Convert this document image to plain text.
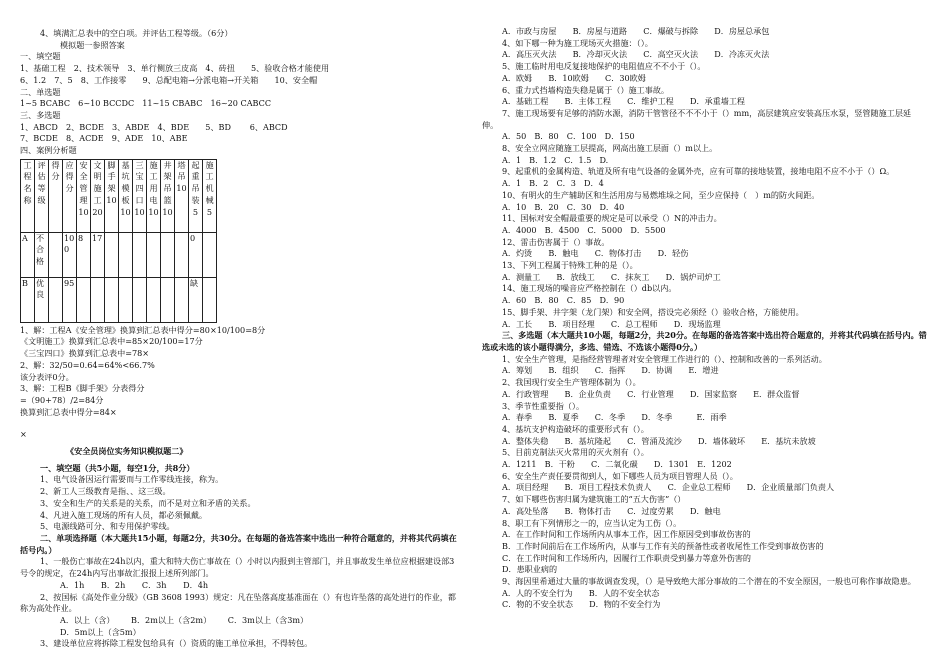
4、填满汇总表中的空白项。并评估工程等级。（6分）
模拟题一参照答案
一、填空题
1、基础工程　2、技术领导　3、单行侧放三皮高　4、砖扭　　5、验收合格才能使用
6、1.2　7、5　8、工作接零　　9、总配电箱→分派电箱→开关箱　　10、安全帽
二、单选题
1~5 BCABC　6~10 BCCDC　11~15 CBABC　16~20 CABCC
三、多选题
1、ABCD　2、BCDE　3、ABDE　4、BDE　　5、BD　　 6、ABCD
7、BCDE　8、ACDE　9、ADE　10、ABE
四、案例分析题
工程名称	评估等级	得分	应得分	安全管理10	文明施工20	脚手架10	基坑模板10	三宝四口10	施工用电10	井架吊篮10	塔吊10	起重吊装5	施工机械5
A	不合格		100	8	17							0	
B	优良		95									缺	
1、解：工程A《安全管理》换算到汇总表中得分=80×10/100=8分
《文明施工》换算到汇总表中=85×20/100=17分
《三宝四口》换算到汇总表中=78×
2、解：32/50=0.64=64%<66.7%
该分表评0分。
3、解：工程B《脚手架》分表得分
=（90+78）/2=84分
换算到汇总表中得分=84×
×
《安全员岗位实务知识模拟题二》
一、填空题（共5小题，每空1分，共8分）
1、电气设备因运行需要而与工作零线连接，称为。
2、新工人三级教育是指、、这三级。
3、安全和生产的关系是的关系，而不是对立和矛盾的关系。
4、凡进入施工现场的所有人员，都必须佩戴。
5、电源线路可分、和专用保护零线。
二、单项选择题（本大题共15小题，每题2分，共30分。在每题的备选答案中选出一种符合题意的，并将其代码填在括号内。）
1、一般伤亡事故在24h以内，重大和特大伤亡事故在（）小时以内报到主管部门，并且事故发生单位应根据建设部3号令的规定，在24h内写出事故汇报报上述所列部门。
A．1h B．2h C．3h D．4h
2、按国标《高处作业分级》（GB 3608 1993）规定：凡在坠落高度基准面在（）有也许坠落的高处进行的作业，都称为高处作业。
A．以上（含） B．2m以上（含2m） C．3m以上（含3m）
D．5m以上（含5m）
3、建设单位应将拆除工程发包给具有（）资质的施工单位承担，不得转包。
A．市政与房屋　　B．房屋与道路　　C．爆破与拆除　　D．房屋总承包
4、如下哪一种为施工现场灭火措施：（）。
A．高压灭火法　　B．冷却灭火法　　C．高空灭火法　　D．冷冻灭火法
5、施工临时用电反复接地保护的电阻值应不不小于（）。
A．欧姆　　B．10欧姆　　C．30欧姆
6、重力式挡墙构造失稳是属于（）施工事故。
A．基础工程　　B．主体工程　　C．维护工程　　D．承重墙工程
7、施工现场要有足够的消防水源，消防干管管径不不不小于（）mm，高层建筑应安装高压水泵，竖管随施工层延伸。
A．50　B．80　C．100　D．150
8、安全立网应随施工层提高，网高出施工层面（）m以上。
A．1　B．1.2　C．1.5　D.
9、起重机的金属构造、轨道及所有电气设备的金属外壳，应有可靠的接地装置，接地电阻不应不小于（）Ω。
A．1　B．2　C．3　D．4
10、有明火的生产辅助区和生活用房与易燃堆垛之间，至少应保持（　）m的防火间距。
A．10　B．20　C．30　D．40
11、国标对安全帽最重要的规定是可以承受（）N的冲击力。
A．4000　B．4500　C．5000　D．5500
12、雷击伤害属于（）事故。
A．灼烫　　B．触电　　C．物体打击　　D．轻伤
13、下列工程属于特殊工种的是（）。
A．测量工　　B．放线工　　C．抹灰工　　D．锅炉司炉工
14、施工现场的噪音应严格控制在（）db以内。
A．60　B．80　C．85　D．90
15、脚手架、井字架（龙门架）和安全网，搭设完必须经（）验收合格，方能使用。
A．工长　　B．项目经理　　C．总工程师　　D．现场监理
三、多选题（本大题共10小题，每题2分，共20分。在每题的备选答案中选出符合题意的，并将其代码填在括号内。错选或未选的该小题得满分，多选、错选、不选该小题得0分。）
1、安全生产管理，是指经营管理者对安全管理工作进行的（）、控制和改善的一系列活动。
A．筹划　　B．组织　　C．指挥　　D．协调　　E．增进
2、我国现行安全生产管理体制为（）。
A．行政管理　　B．企业负责　　C．行业管理　　D．国家监察　　E．群众监督
3、季节性重要指（）。
A．春季　　B．夏季　　C．冬季　　D．冬季　　　E．雨季
4、基坑支护构造破坏的重要形式有（）。
A．整体失稳　　B．基坑隆起　　C．管涌及流沙　　D．墙体破坏　　E．基坑未放坡
5、目前克制法灭火常用的灭火剂有（）。
A．1211　B．干粉　　C．二氧化碳　　D．1301　E．1202
6、安全生产责任要贯彻到人，如下哪些人员为项目管理人员（）。
A．项目经理　　B．项目工程技术负责人　　C．企业总工程师　　D．企业质量部门负责人
7、如下哪些伤害归属为建筑施工的“五大伤害”（）
A．高处坠落　　B．物体打击　　C．过度劳累　　D．触电
8、职工有下列情形之一的，应当认定为工伤（）。
A．在工作时间和工作场所内从事本工作，因工作原因受到事故伤害的
B．工作时间前后在工作场所内，从事与工作有关的预备性或者收尾性工作受到事故伤害的
C．在工作时间和工作场所内，因履行工作职责受到暴力等意外伤害的
D．患职业病的
9、海因里希通过大量的事故调查发现，（）是导致绝大部分事故的二个潜在的不安全原因，一般也可称作事故隐患。
A．人的不安全行为　　B．人的不安全状态
C．物的不安全状态　　D．物的不安全行为
